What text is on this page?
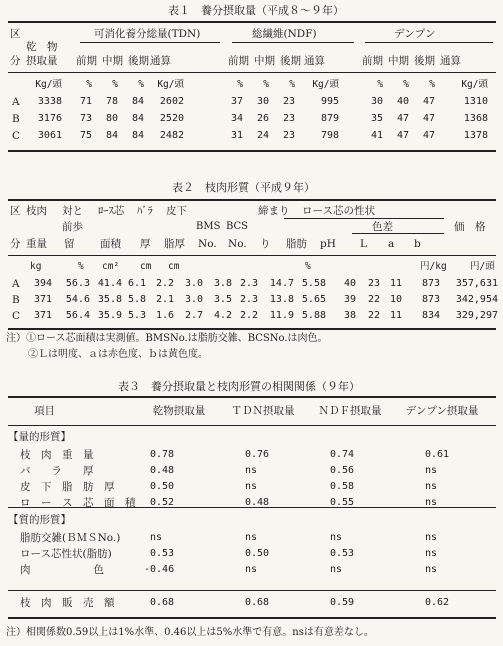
表１　養分摂取量（平成８～９年）
区
分
乾　物
摂取量
可消化養分総量(TDN)	総繊維(NDF)	デンプン
前期 中期 後期 通算	前期 中期 後期 通算	前期 中期 後期 通算
Kg/頭	%	%	%	Kg/頭	%	%	%	Kg/頭	%	%	%	Kg/頭
A	3338	71	78	84	2602	37	30	23	995	30	40	47	1310
B	3176	73	80	84	2520	34	26	23	879	35	47	47	1368
C	3061	75	84	84	2482	31	24	23	798	41	47	47	1378
表２　枝肉形質（平成９年）
区 枝肉 対と ﾛｰｽ芯 ﾊﾞﾗ 皮下	締まり ロース芯の性状
前歩	BMS BCS	色差	価　格
分 重量 留 面積 厚 脂厚 No. No. り 脂肪 pH L a b
kg	% cm² cm cm	%	円/kg 円/頭
A	394	56.3 41.4 6.1 2.2	3.0	3.8 2.3	14.7 5.58	40	23 11	873	357,631
B	371	54.6 35.8 5.8 2.1	3.0	3.5 2.3	13.8 5.65	39	22 10	873	342,954
C	371	56.4 35.9 5.3 1.6	2.7	4.2 2.2	11.9 5.88	38	22 11	834	329,297
注）①ロース芯面積は実測値。BMSNo.は脂肪交雑、BCSNo.は肉色。
②Ｌは明度、ａは赤色度、ｂは黄色度。
表３　養分摂取量と枝肉形質の相関関係（９年）
項目	乾物摂取量	ＴＤＮ摂取量	ＮＤＦ摂取量	デンプン摂取量
【量的形質】
枝　肉　重　量	0.78	0.76	0.74	0.61
バ　　ラ　　厚	0.48	ns	0.56	ns
皮　下　脂　肪　厚	0.50	ns	0.58	ns
ロ　ー　ス　芯　面　積 0.52	0.48	0.55	ns
【質的形質】
脂肪交雑(ＢＭＳNo.)	ns	ns	ns	ns
ロース芯性状(脂肪)	0.53	0.50	0.53	ns
肉　　　　　　色	-0.46	ns	ns	ns
枝　肉　販　売　額	0.68	0.68	0.59	0.62
注）相関係数0.59以上は1%水準、0.46以上は5%水準で有意。nsは有意差なし。
